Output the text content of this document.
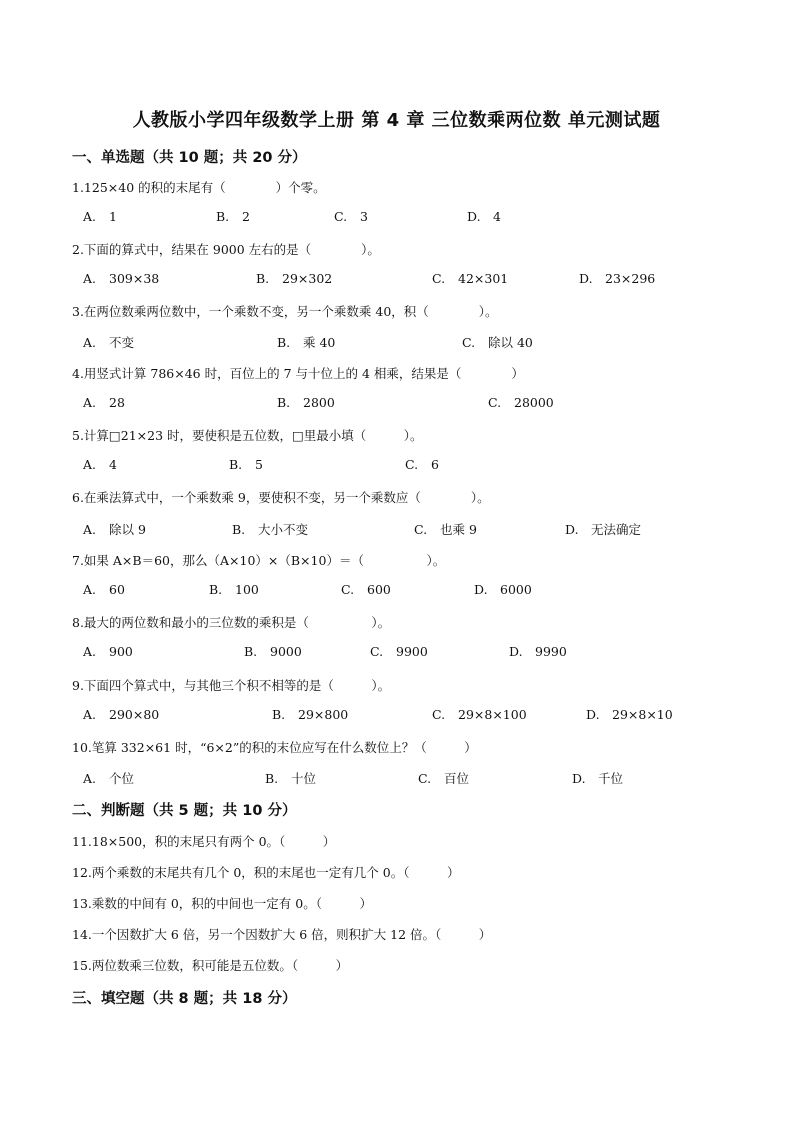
人教版小学四年级数学上册 第 4 章 三位数乘两位数 单元测试题
一、单选题（共 10 题；共 20 分）
1.125×40 的积的末尾有（　　　　）个零。
A. 1	B. 2	C. 3	D. 4
2.下面的算式中，结果在 9000 左右的是（　　　　）。
A. 309×38	B. 29×302	C. 42×301	D. 23×296
3.在两位数乘两位数中，一个乘数不变，另一个乘数乘 40，积（　　　　）。
A. 不变	B. 乘 40	C. 除以 40
4.用竖式计算 786×46 时，百位上的 7 与十位上的 4 相乘，结果是（　　　　）
A. 28	B. 2800	C. 28000
5.计算□21×23 时，要使积是五位数，□里最小填（　　　）。
A. 4	B. 5	C. 6
6.在乘法算式中，一个乘数乘 9，要使积不变，另一个乘数应（　　　　）。
A. 除以 9	B. 大小不变	C. 也乘 9	D. 无法确定
7.如果 A×B＝60，那么（A×10）×（B×10）＝（　　　　　）。
A. 60	B. 100	C. 600	D. 6000
8.最大的两位数和最小的三位数的乘积是（　　　　　）。
A. 900	B. 9000	C. 9900	D. 9990
9.下面四个算式中，与其他三个积不相等的是（　　　）。
A. 290×80	B. 29×800	C. 29×8×100	D. 29×8×10
10.笔算 332×61 时，“6×2”的积的末位应写在什么数位上？（　　　）
A. 个位	B. 十位	C. 百位	D. 千位
二、判断题（共 5 题；共 10 分）
11.18×500，积的末尾只有两个 0。（　　　）
12.两个乘数的末尾共有几个 0，积的末尾也一定有几个 0。（　　　）
13.乘数的中间有 0，积的中间也一定有 0。（　　　）
14.一个因数扩大 6 倍，另一个因数扩大 6 倍，则积扩大 12 倍。（　　　）
15.两位数乘三位数，积可能是五位数。（　　　）
三、填空题（共 8 题；共 18 分）
